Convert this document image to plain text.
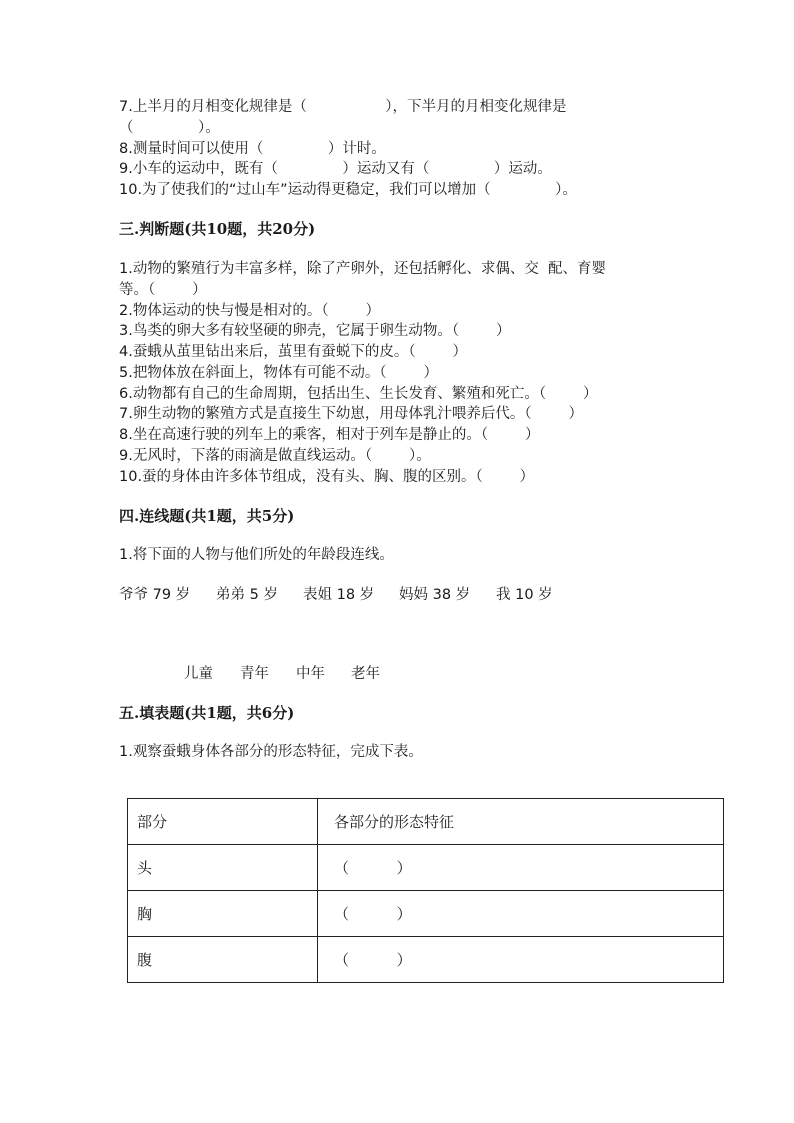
7.上半月的月相变化规律是（                 ），下半月的月相变化规律是
（              ）。
8.测量时间可以使用（              ）计时。
9.小车的运动中，既有（              ）运动又有（              ）运动。
10.为了使我们的“过山车”运动得更稳定，我们可以增加（              ）。
三.判断题(共10题，共20分)
1.动物的繁殖行为丰富多样，除了产卵外，还包括孵化、求偶、交  配、育婴
等。（        ）
2.物体运动的快与慢是相对的。（        ）
3.鸟类的卵大多有较坚硬的卵壳，它属于卵生动物。（        ）
4.蚕蛾从茧里钻出来后，茧里有蚕蜕下的皮。（        ）
5.把物体放在斜面上，物体有可能不动。（        ）
6.动物都有自己的生命周期，包括出生、生长发育、繁殖和死亡。（        ）
7.卵生动物的繁殖方式是直接生下幼崽，用母体乳汁喂养后代。（        ）
8.坐在高速行驶的列车上的乘客，相对于列车是静止的。（        ）
9.无风时，下落的雨滴是做直线运动。（        ）。
10.蚕的身体由许多体节组成，没有头、胸、腹的区别。（        ）
四.连线题(共1题，共5分)
1.将下面的人物与他们所处的年龄段连线。
爷爷 79 岁 弟弟 5 岁 表姐 18 岁 妈妈 38 岁 我 10 岁
儿童 青年 中年 老年
五.填表题(共1题，共6分)
1.观察蚕蛾身体各部分的形态特征，完成下表。
部分	各部分的形态特征
头	（          ）
胸	（          ）
腹	（          ）
